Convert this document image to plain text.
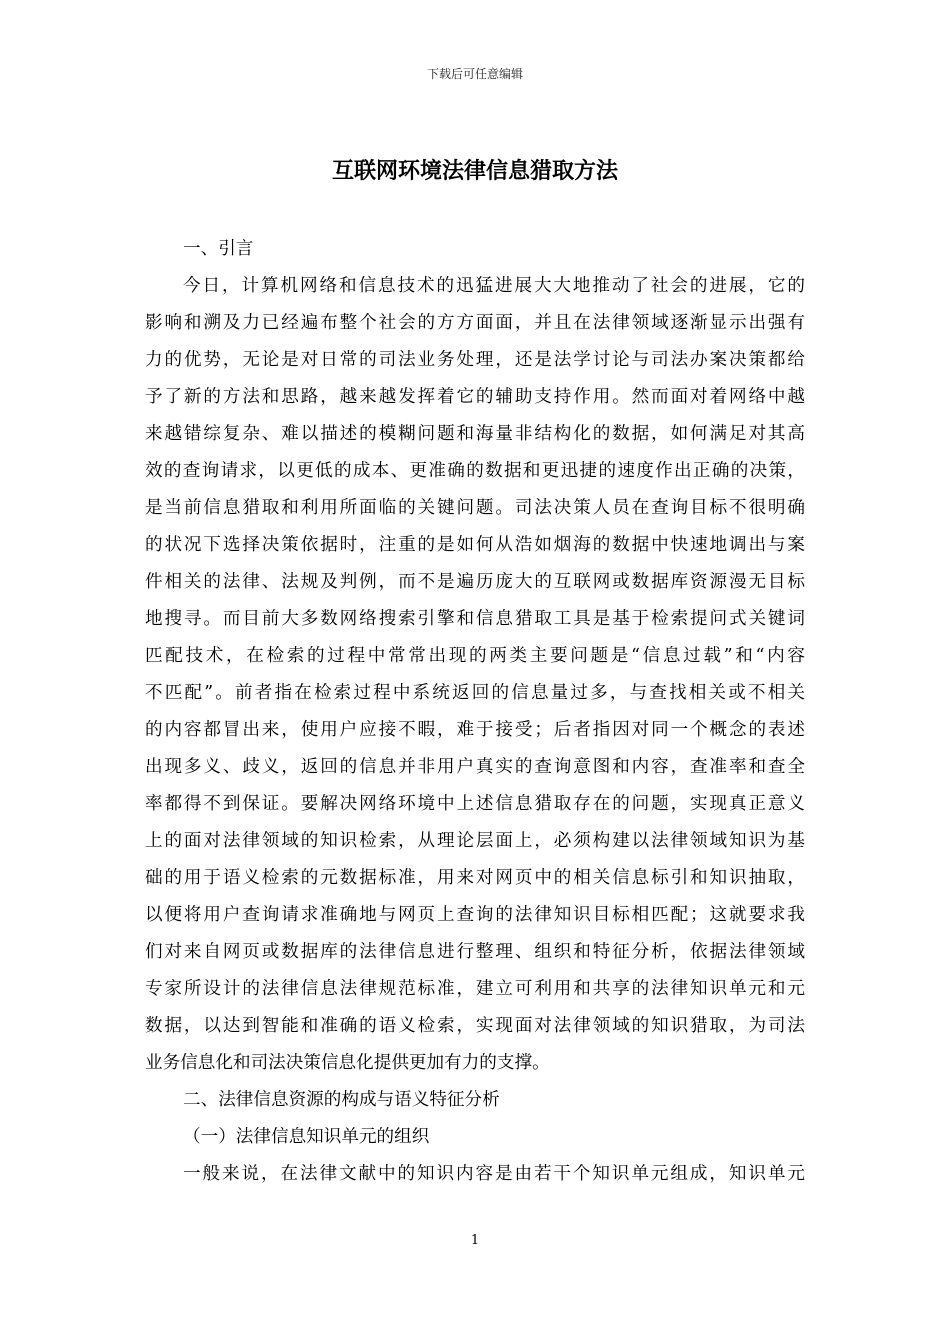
下载后可任意编辑
互联网环境法律信息猎取方法
一、引言
今日，计算机网络和信息技术的迅猛进展大大地推动了社会的进展，它的
影响和溯及力已经遍布整个社会的方方面面，并且在法律领域逐渐显示出强有
力的优势，无论是对日常的司法业务处理，还是法学讨论与司法办案决策都给
予了新的方法和思路，越来越发挥着它的辅助支持作用。然而面对着网络中越
来越错综复杂、难以描述的模糊问题和海量非结构化的数据，如何满足对其高
效的查询请求，以更低的成本、更准确的数据和更迅捷的速度作出正确的决策，
是当前信息猎取和利用所面临的关键问题。司法决策人员在查询目标不很明确
的状况下选择决策依据时，注重的是如何从浩如烟海的数据中快速地调出与案
件相关的法律、法规及判例，而不是遍历庞大的互联网或数据库资源漫无目标
地搜寻。而目前大多数网络搜索引擎和信息猎取工具是基于检索提问式关键词
匹配技术，在检索的过程中常常出现的两类主要问题是“信息过载”和“内容
不匹配”。前者指在检索过程中系统返回的信息量过多，与查找相关或不相关
的内容都冒出来，使用户应接不暇，难于接受；后者指因对同一个概念的表述
出现多义、歧义，返回的信息并非用户真实的查询意图和内容，查准率和查全
率都得不到保证。要解决网络环境中上述信息猎取存在的问题，实现真正意义
上的面对法律领域的知识检索，从理论层面上，必须构建以法律领域知识为基
础的用于语义检索的元数据标准，用来对网页中的相关信息标引和知识抽取，
以便将用户查询请求准确地与网页上查询的法律知识目标相匹配；这就要求我
们对来自网页或数据库的法律信息进行整理、组织和特征分析，依据法律领域
专家所设计的法律信息法律规范标准，建立可利用和共享的法律知识单元和元
数据，以达到智能和准确的语义检索，实现面对法律领域的知识猎取，为司法
业务信息化和司法决策信息化提供更加有力的支撑。
二、法律信息资源的构成与语义特征分析
（一）法律信息知识单元的组织
一般来说，在法律文献中的知识内容是由若干个知识单元组成，知识单元
1
